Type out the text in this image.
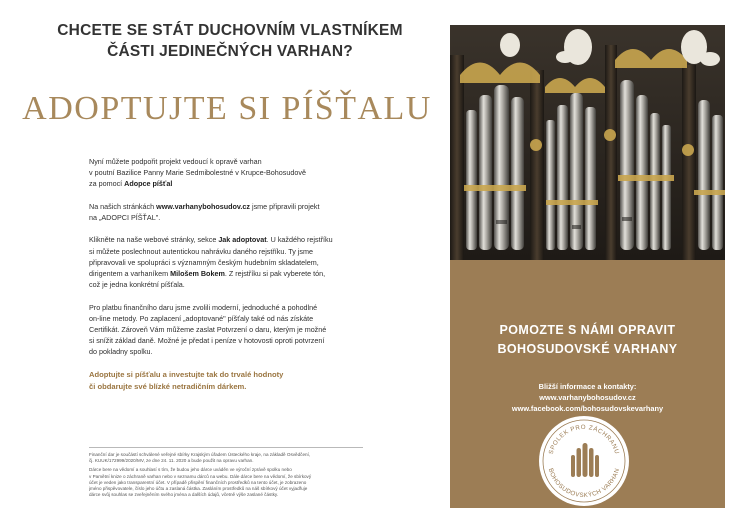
CHCETE SE STÁT DUCHOVNÍM VLASTNÍKEM
ČÁSTI JEDINEČNÝCH VARHAN?
ADOPTUJTE SI PÍŠŤALU

Nyní můžete podpořit projekt vedoucí k opravě varhan
v poutní Bazilice Panny Marie Sedmibolestné v Krupce-Bohosudově
za pomocí Adopce píšťal

Na našich stránkách www.varhanybohosudov.cz jsme připravili projekt
na „ADOPCI PÍŠŤAL".

Klikněte na naše webové stránky, sekce Jak adoptovat. U každého rejstříku
si můžete poslechnout autentickou nahrávku daného rejstříku. Ty jsme
připravovali ve spolupráci s významným českým hudebním skladatelem,
dirigentem a varhaníkem Milošem Bokem. Z rejstříku si pak vyberete tón,
což je jedna konkrétní píšťala.

Pro platbu finančního daru jsme zvolili moderní, jednoduché a pohodlné
on-line metody. Po zaplacení „adoptované" píšťaly také od nás získáte
Certifikát. Zároveň Vám můžeme zaslat Potvrzení o daru, kterým je možné
si snížit základ daně. Možné je předat i peníze v hotovosti oproti potvrzení
do pokladny spolku.

Adoptujte si píšťalu a investujte tak do trvalé hodnoty
či obdarujte své blízké netradičním dárkem.

Finanční dar je součástí schválené veřejné sbírky Krajským úřadem Ústeckého kraje, na základě Osvědčení,
čj. KUUK/172999/2020/MV, ze dne 24. 11. 2020 a bude použit na opravu varhan.

Dárce bere na vědomí a souhlasí s tím, že budou jeho dárce uváděn ve výroční zprávě spolku nebo
v Pamětní knize o záchraně varhan nebo v seznamu dárců na webu. Dále dárce bere na vědomí, že sbírkový
účet je veden jako transparentní účet. V případě přispění finančních prostředků na tento účet, je zobrazeno
jméno přispěvovatele, číslo jeho účtu a zaslaná částka. Zasláním prostředků na náš sbírkový účet vyjadřuje
dárce svůj souhlas se zveřejněním svého jména a dalších údajů, včetně výše zaslané částky.

POMOZTE S NÁMI OPRAVIT
BOHOSUDOVSKÉ VARHANY
Bližší informace a kontakty:
www.varhanybohosudov.cz
www.facebook.com/bohosudovskevarhany
SPOLEK PRO ZÁCHRANU
BOHOSUDOVSKÝCH VARHAN
